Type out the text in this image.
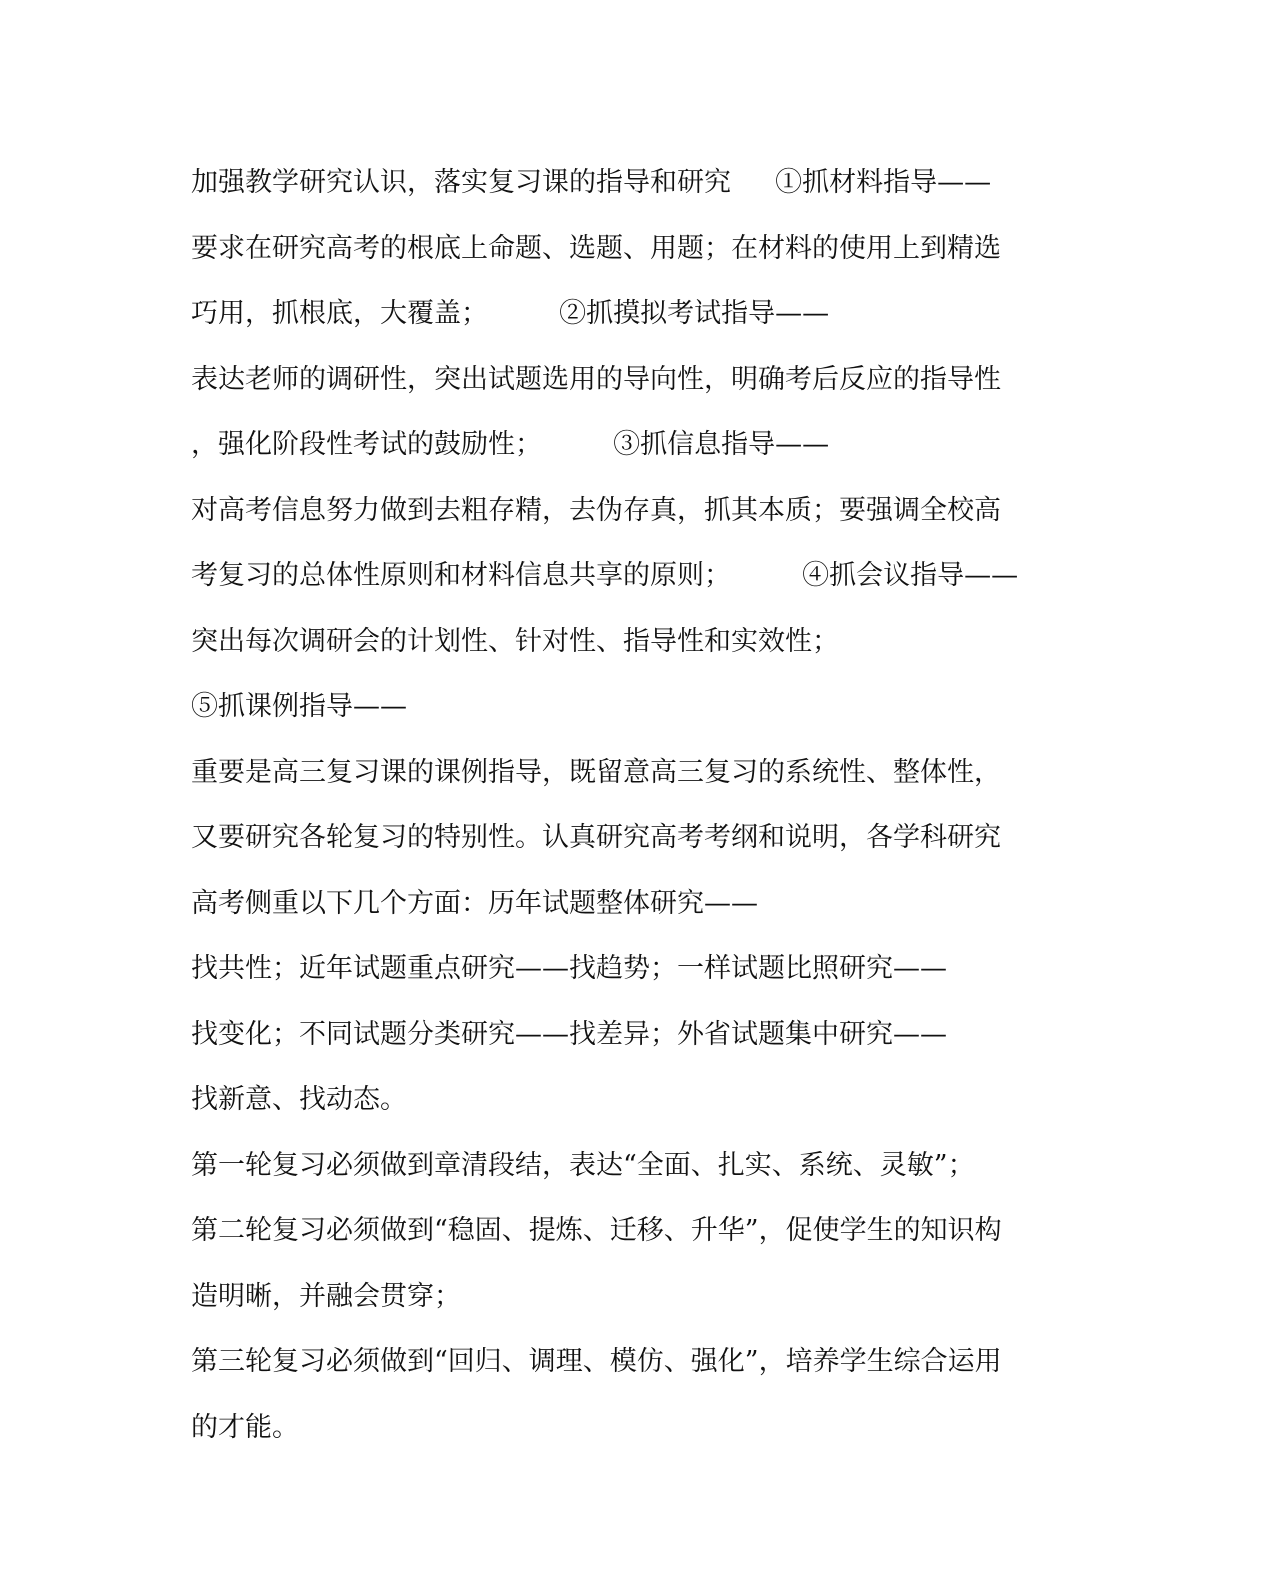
加强教学研究认识，落实复习课的指导和研究 　 ①抓材料指导——
要求在研究高考的根底上命题、选题、用题；在材料的使用上到精选
巧用，抓根底，大覆盖； 　 　②抓摸拟考试指导——
表达老师的调研性，突出试题选用的导向性，明确考后反应的指导性
，强化阶段性考试的鼓励性； 　 　③抓信息指导——
对高考信息努力做到去粗存精，去伪存真，抓其本质；要强调全校高
考复习的总体性原则和材料信息共享的原则； 　 　④抓会议指导——
突出每次调研会的计划性、针对性、指导性和实效性；
⑤抓课例指导——
重要是高三复习课的课例指导，既留意高三复习的系统性、整体性，
又要研究各轮复习的特别性。认真研究高考考纲和说明，各学科研究
高考侧重以下几个方面：历年试题整体研究——
找共性；近年试题重点研究——找趋势；一样试题比照研究——
找变化；不同试题分类研究——找差异；外省试题集中研究——
找新意、找动态。
第一轮复习必须做到章清段结，表达“全面、扎实、系统、灵敏”；
第二轮复习必须做到“稳固、提炼、迁移、升华”，促使学生的知识构
造明晰，并融会贯穿；
第三轮复习必须做到“回归、调理、模仿、强化”，培养学生综合运用
的才能。
